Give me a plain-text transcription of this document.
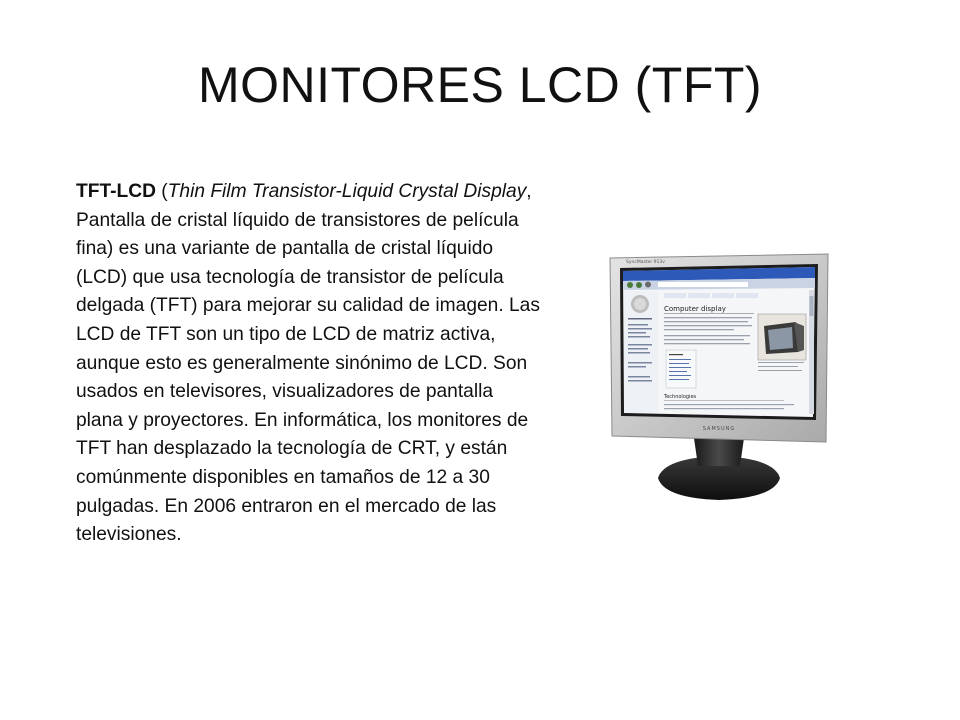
MONITORES LCD (TFT)
TFT-LCD (Thin Film Transistor-Liquid Crystal Display, Pantalla de cristal líquido de transistores de película fina) es una variante de pantalla de cristal líquido (LCD) que usa tecnología de transistor de película delgada (TFT) para mejorar su calidad de imagen. Las LCD de TFT son un tipo de LCD de matriz activa, aunque esto es generalmente sinónimo de LCD. Son usados en televisores, visualizadores de pantalla plana y proyectores. En informática, los monitores de TFT han desplazado la tecnología de CRT, y están comúnmente disponibles en tamaños de 12 a 30 pulgadas. En 2006 entraron en el mercado de las televisiones.
Computer display
Technologies
SyncMaster 913v
SAMSUNG
